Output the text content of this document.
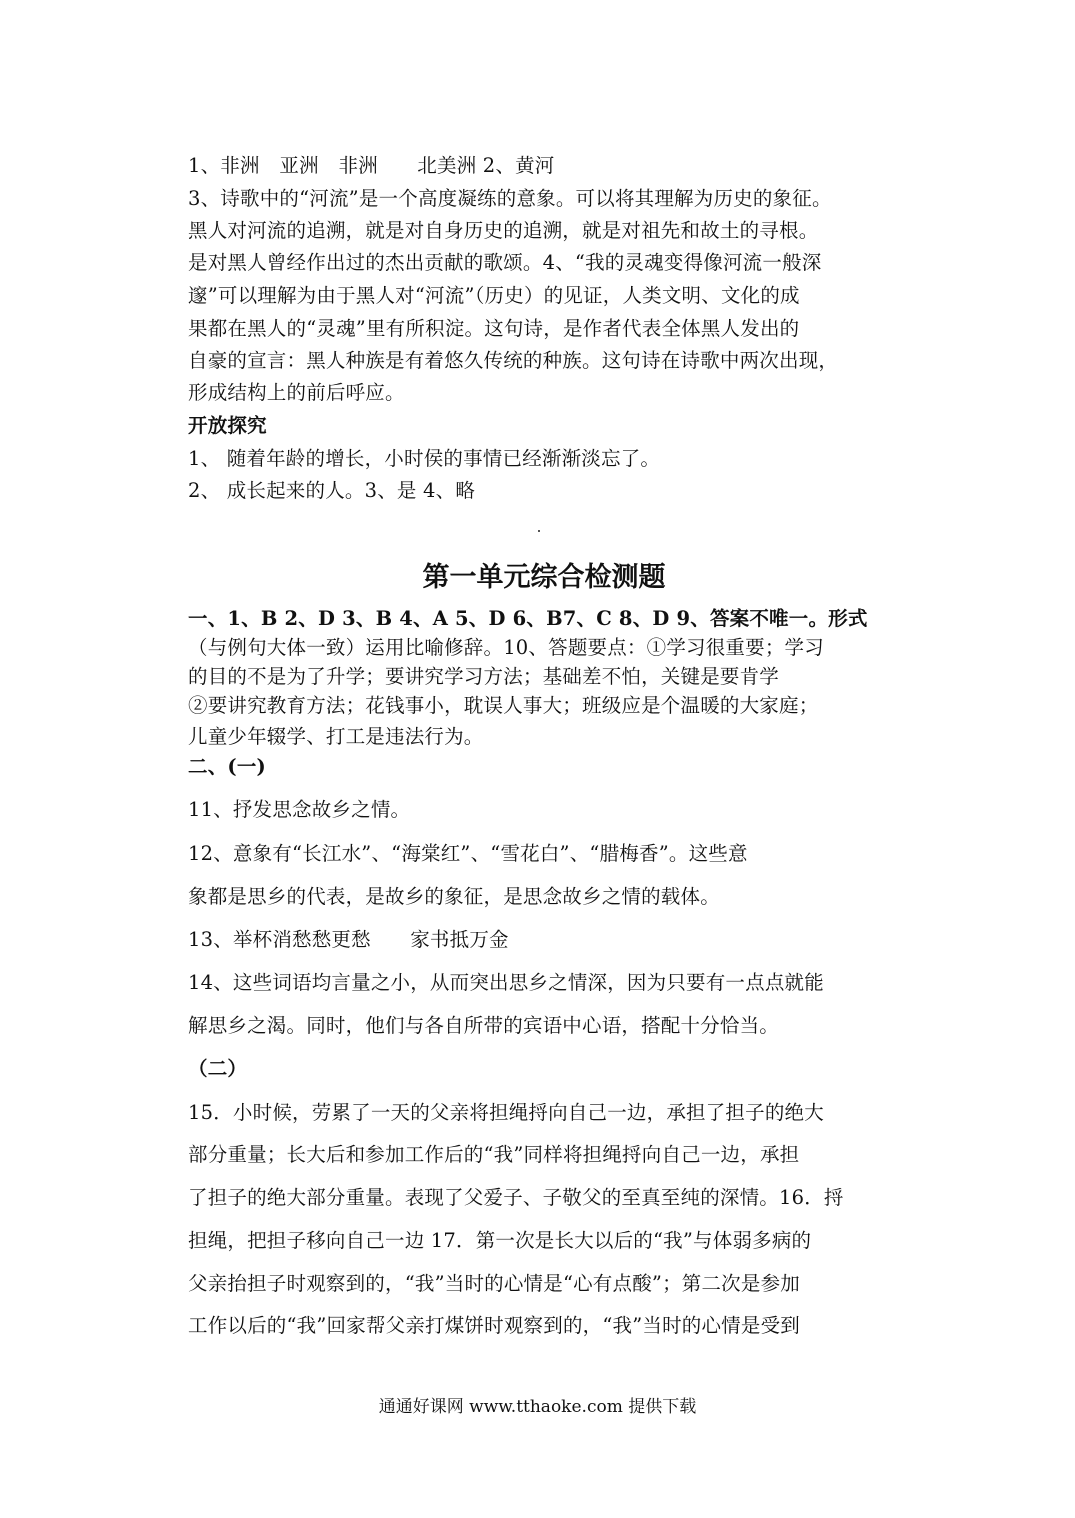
1、非洲　亚洲　非洲　　北美洲 2、黄河
3、诗歌中的“河流”是一个高度凝练的意象。可以将其理解为历史的象征。
黑人对河流的追溯，就是对自身历史的追溯，就是对祖先和故土的寻根。
是对黑人曾经作出过的杰出贡献的歌颂。4、“我的灵魂变得像河流一般深
邃”可以理解为由于黑人对“河流”（历史）的见证，人类文明、文化的成
果都在黑人的“灵魂”里有所积淀。这句诗，是作者代表全体黑人发出的
自豪的宣言：黑人种族是有着悠久传统的种族。这句诗在诗歌中两次出现，
形成结构上的前后呼应。
开放探究
1、 随着年龄的增长，小时侯的事情已经渐渐淡忘了。
2、 成长起来的人。3、是 4、略
第一单元综合检测题
一、1、B 2、D 3、B 4、A 5、D 6、B7、C 8、D 9、答案不唯一。形式
（与例句大体一致）运用比喻修辞。10、答题要点：①学习很重要；学习
的目的不是为了升学；要讲究学习方法；基础差不怕，关键是要肯学
②要讲究教育方法；花钱事小，耽误人事大；班级应是个温暖的大家庭；
儿童少年辍学、打工是违法行为。
二、(一)
11、抒发思念故乡之情。
12、意象有“长江水”、“海棠红”、“雪花白”、“腊梅香”。这些意
象都是思乡的代表，是故乡的象征，是思念故乡之情的载体。
13、举杯消愁愁更愁　　家书抵万金
14、这些词语均言量之小，从而突出思乡之情深，因为只要有一点点就能
解思乡之渴。同时，他们与各自所带的宾语中心语，搭配十分恰当。
（二）
15．小时候，劳累了一天的父亲将担绳捋向自己一边，承担了担子的绝大
部分重量；长大后和参加工作后的“我”同样将担绳捋向自己一边，承担
了担子的绝大部分重量。表现了父爱子、子敬父的至真至纯的深情。16．捋
担绳，把担子移向自己一边 17．第一次是长大以后的“我”与体弱多病的
父亲抬担子时观察到的，“我”当时的心情是“心有点酸”；第二次是参加
工作以后的“我”回家帮父亲打煤饼时观察到的，“我”当时的心情是受到
通通好课网 www.tthaoke.com 提供下载
